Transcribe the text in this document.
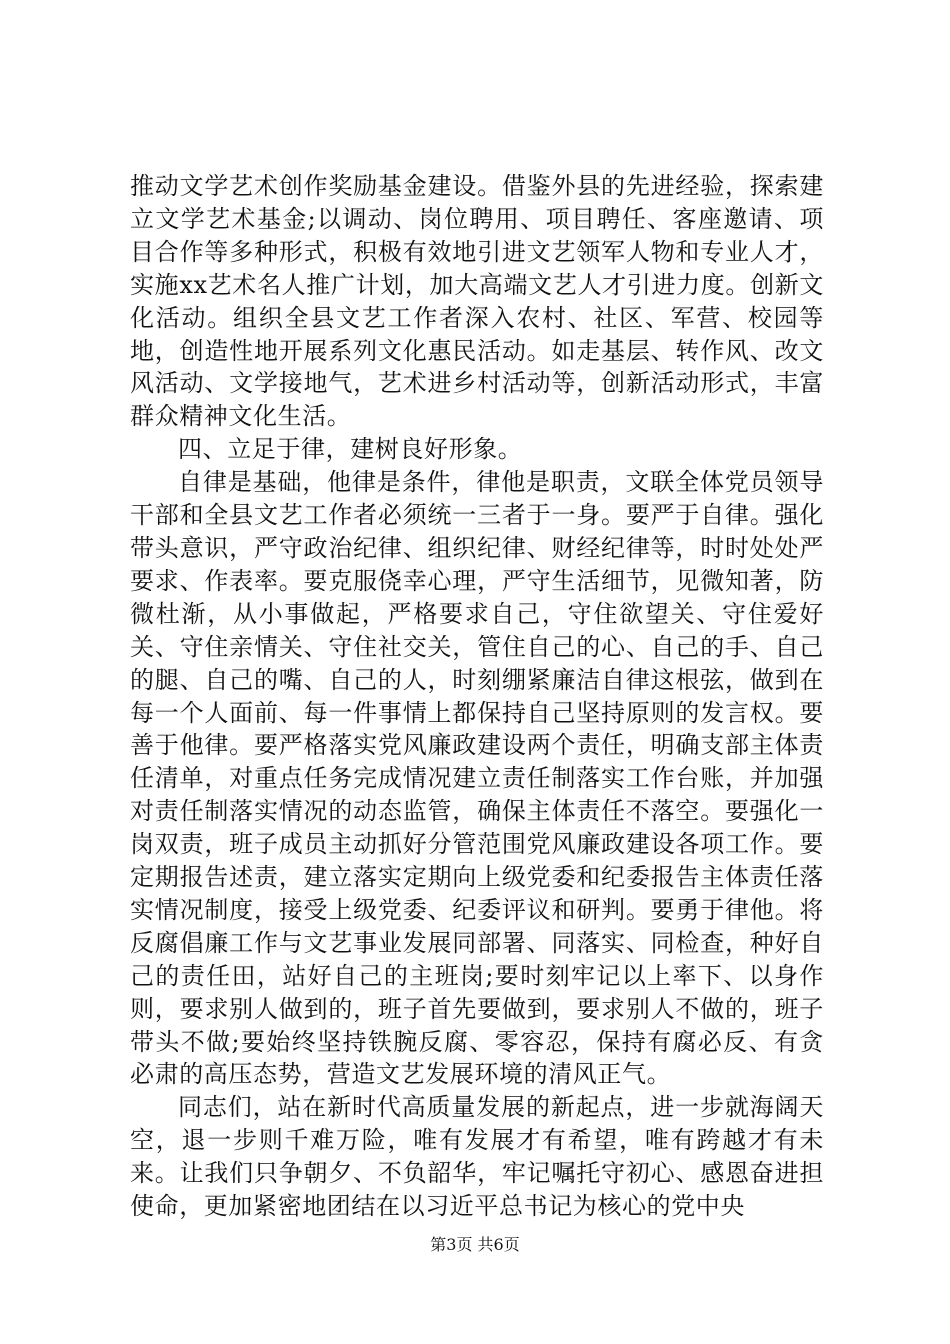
推动文学艺术创作奖励基金建设。借鉴外县的先进经验，探索建立文学艺术基金;以调动、岗位聘用、项目聘任、客座邀请、项目合作等多种形式，积极有效地引进文艺领军人物和专业人才，实施xx艺术名人推广计划，加大高端文艺人才引进力度。创新文化活动。组织全县文艺工作者深入农村、社区、军营、校园等地，创造性地开展系列文化惠民活动。如走基层、转作风、改文风活动、文学接地气，艺术进乡村活动等，创新活动形式，丰富群众精神文化生活。

四、立足于律，建树良好形象。

自律是基础，他律是条件，律他是职责，文联全体党员领导干部和全县文艺工作者必须统一三者于一身。要严于自律。强化带头意识，严守政治纪律、组织纪律、财经纪律等，时时处处严要求、作表率。要克服侥幸心理，严守生活细节，见微知著，防微杜渐，从小事做起，严格要求自己，守住欲望关、守住爱好关、守住亲情关、守住社交关，管住自己的心、自己的手、自己的腿、自己的嘴、自己的人，时刻绷紧廉洁自律这根弦，做到在每一个人面前、每一件事情上都保持自己坚持原则的发言权。要善于他律。要严格落实党风廉政建设两个责任，明确支部主体责任清单，对重点任务完成情况建立责任制落实工作台账，并加强对责任制落实情况的动态监管，确保主体责任不落空。要强化一岗双责，班子成员主动抓好分管范围党风廉政建设各项工作。要定期报告述责，建立落实定期向上级党委和纪委报告主体责任落实情况制度，接受上级党委、纪委评议和研判。要勇于律他。将反腐倡廉工作与文艺事业发展同部署、同落实、同检查，种好自己的责任田，站好自己的主班岗;要时刻牢记以上率下、以身作则，要求别人做到的，班子首先要做到，要求别人不做的，班子带头不做;要始终坚持铁腕反腐、零容忍，保持有腐必反、有贪必肃的高压态势，营造文艺发展环境的清风正气。

同志们，站在新时代高质量发展的新起点，进一步就海阔天空，退一步则千难万险，唯有发展才有希望，唯有跨越才有未来。让我们只争朝夕、不负韶华，牢记嘱托守初心、感恩奋进担使命，更加紧密地团结在以习近平总书记为核心的党中央

第3页 共6页
